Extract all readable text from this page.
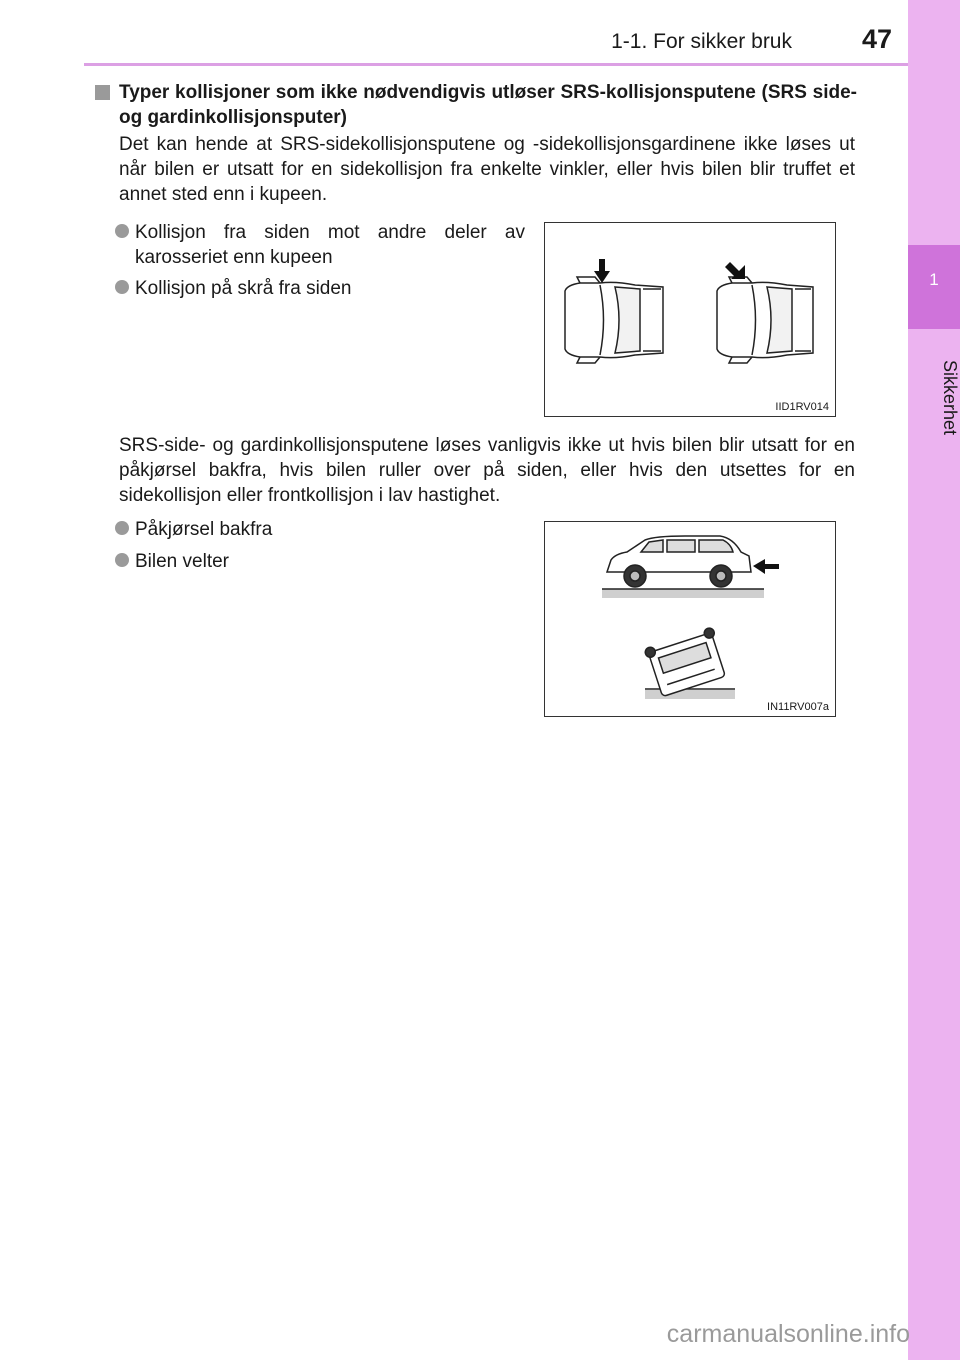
1-1. For sikker bruk	47
1
Sikkerhet
Typer kollisjoner som ikke nødvendigvis utløser SRS-kollisjonsputene (SRS side- og gardinkollisjonsputer)
Det kan hende at SRS-sidekollisjonsputene og -sidekollisjonsgardinene ikke løses ut når bilen er utsatt for en sidekollisjon fra enkelte vinkler, eller hvis bilen blir truffet et annet sted enn i kupeen.
Kollisjon fra siden mot andre deler av karosseriet enn kupeen
Kollisjon på skrå fra siden
IID1RV014
SRS-side- og gardinkollisjonsputene løses vanligvis ikke ut hvis bilen blir utsatt for en påkjørsel bakfra, hvis bilen ruller over på siden, eller hvis den utsettes for en sidekollisjon eller frontkollisjon i lav hastighet.
Påkjørsel bakfra
Bilen velter
IN11RV007a
carmanualsonline.info
